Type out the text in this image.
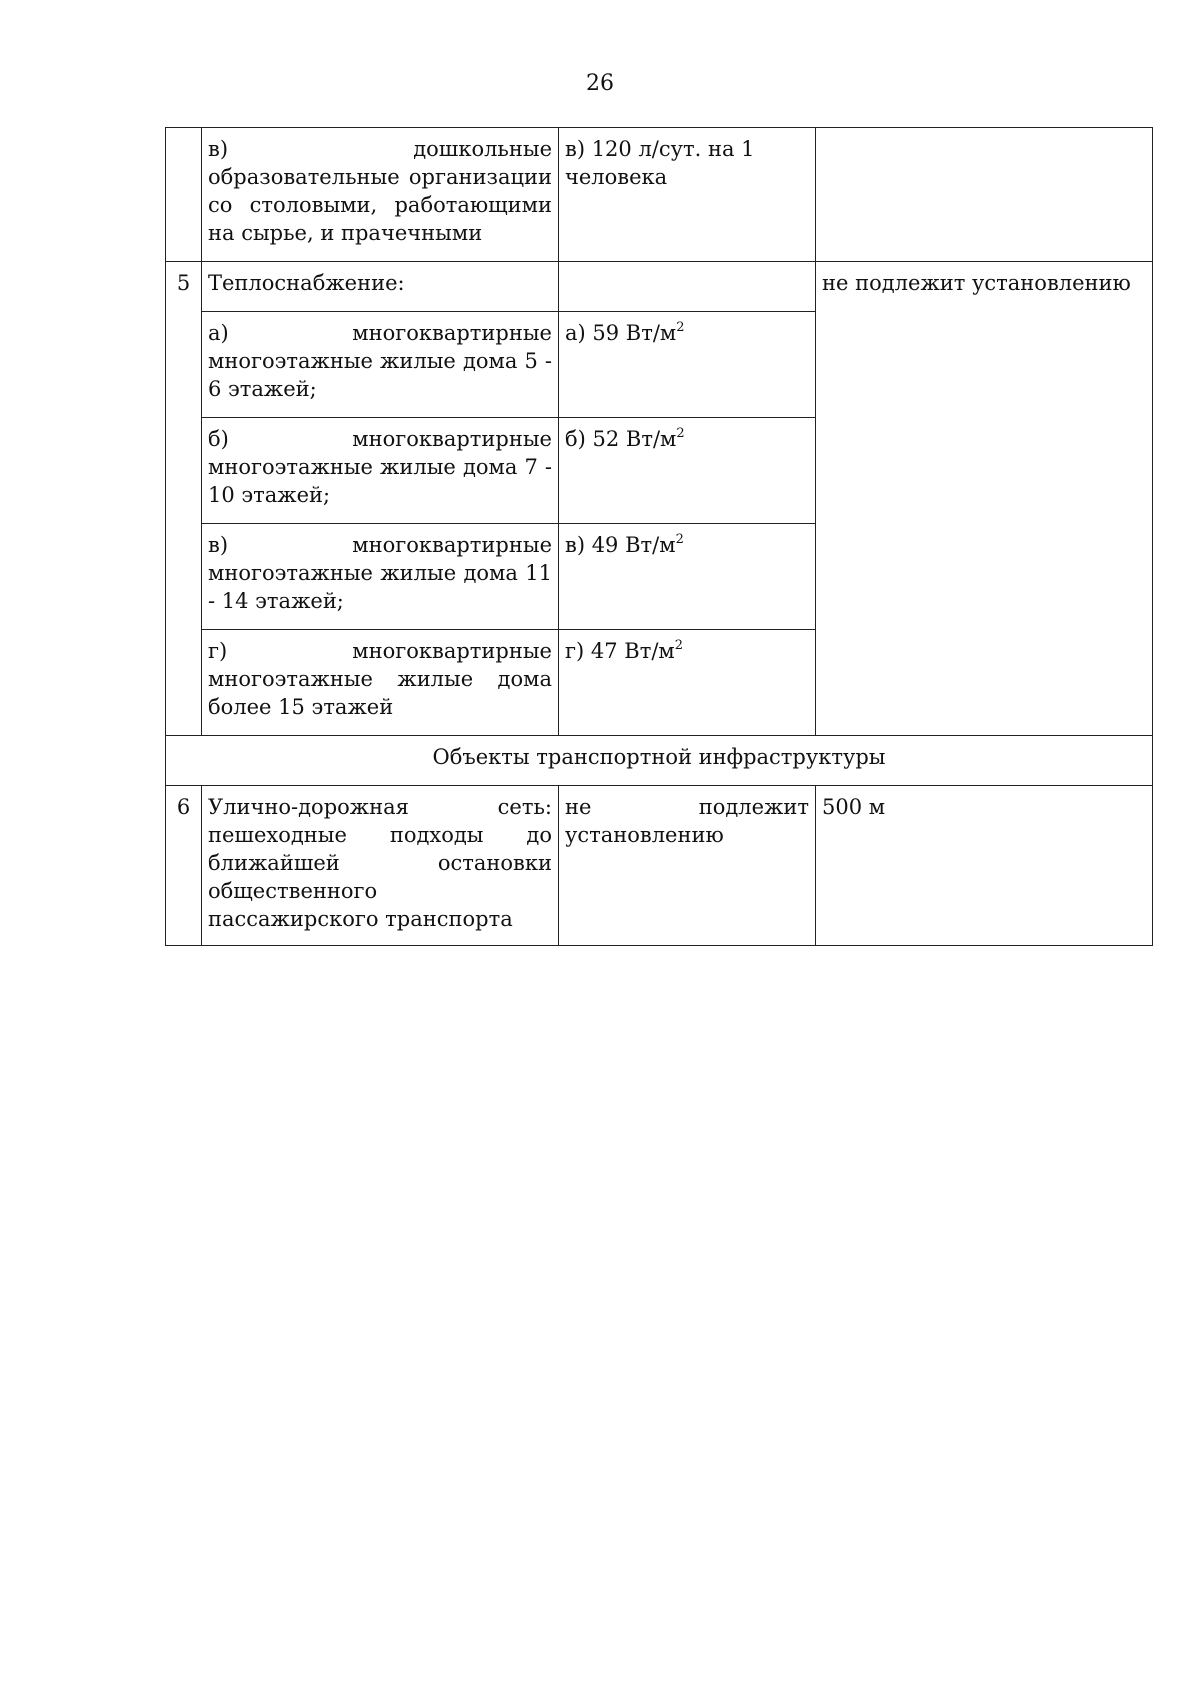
26
	в) дошкольные образовательные организации со столовыми, работающими на сырье, и прачечными	в) 120 л/сут. на 1 человека	
5	Теплоснабжение:		не подлежит установлению
	а) многоквартирные многоэтажные жилые дома 5 - 6 этажей;	а) 59 $Вт/м^2$
	б) многоквартирные многоэтажные жилые дома 7 - 10 этажей;	б) 52 $Вт/м^2$
	в) многоквартирные многоэтажные жилые дома 11 - 14 этажей;	в) 49 $Вт/м^2$
	г) многоквартирные многоэтажные жилые дома более 15 этажей	г) 47 $Вт/м^2$
Объекты транспортной инфраструктуры			
6	Улично-дорожная сеть: пешеходные подходы до ближайшей остановки общественного пассажирского транспорта	не подлежит установлению	500 м
